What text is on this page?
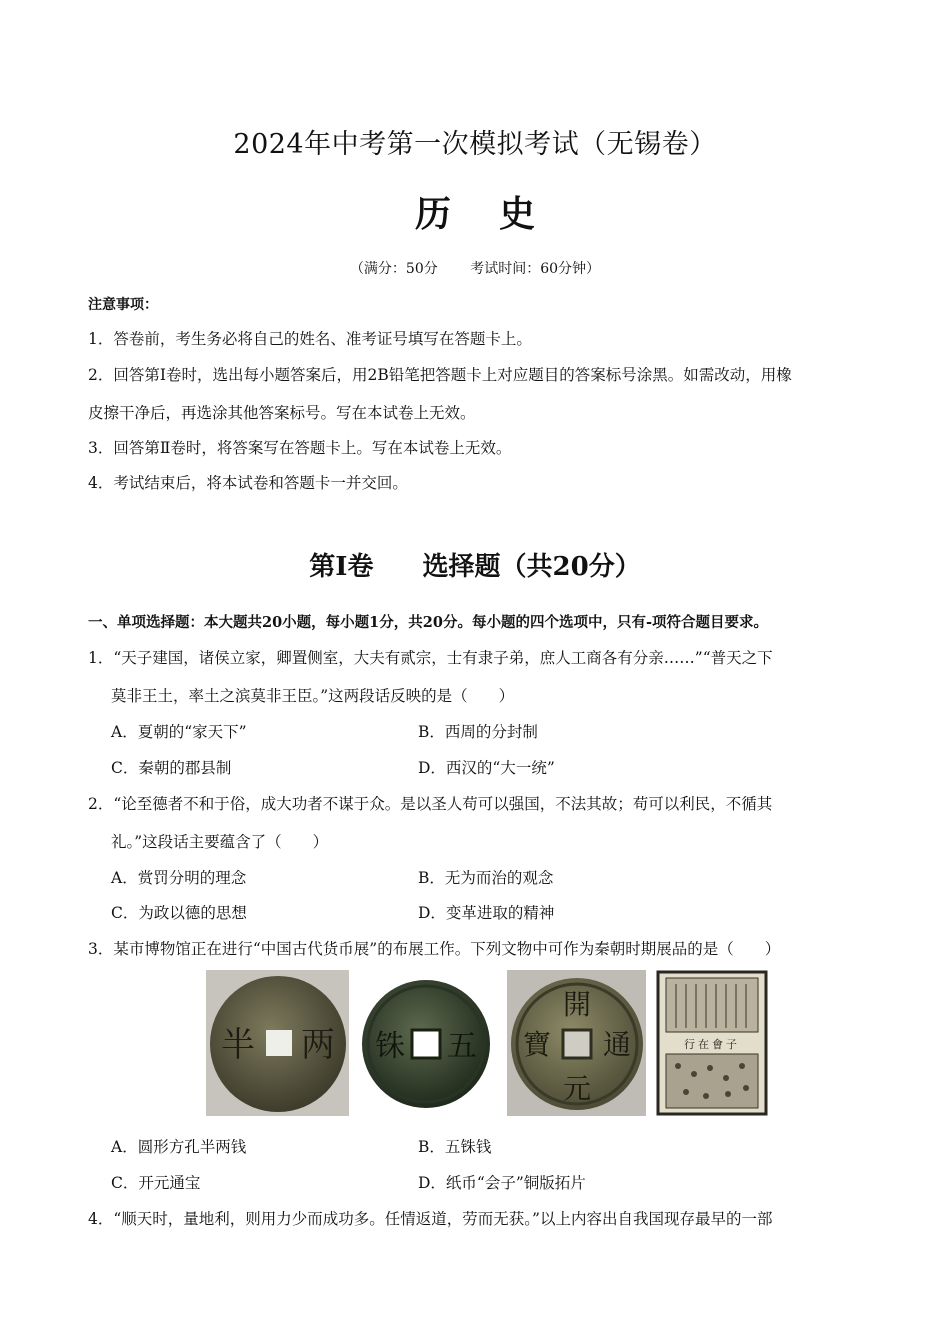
2024年中考第一次模拟考试（无锡卷）
历史
（满分：50分 考试时间：60分钟）
注意事项：
1．答卷前，考生务必将自己的姓名、准考证号填写在答题卡上。
2．回答第Ⅰ卷时，选出每小题答案后，用2B铅笔把答题卡上对应题目的答案标号涂黑。如需改动，用橡
皮擦干净后，再选涂其他答案标号。写在本试卷上无效。
3．回答第Ⅱ卷时，将答案写在答题卡上。写在本试卷上无效。
4．考试结束后，将本试卷和答题卡一并交回。
第I卷 选择题（共20分）
一、单项选择题：本大题共20小题，每小题1分，共20分。每小题的四个选项中，只有-项符合题目要求。
1．“天子建国，诸侯立家，卿置侧室，大夫有贰宗，士有隶子弟，庶人工商各有分亲……”“普天之下
莫非王土，率土之滨莫非王臣。”这两段话反映的是（　　）
A．夏朝的“家天下”	B．西周的分封制
C．秦朝的郡县制	D．西汉的“大一统”
2．“论至德者不和于俗，成大功者不谋于众。是以圣人苟可以强国，不法其故；苟可以利民，不循其
礼。”这段话主要蕴含了（　　）
A．赏罚分明的理念	B．无为而治的观念
C．为政以德的思想	D．变革进取的精神
3．某市博物馆正在进行“中国古代货币展”的布展工作。下列文物中可作为秦朝时期展品的是（　　）
半 两 铢 五
開
通
元
寶	行在會子
A．圆形方孔半两钱	B．五铢钱
C．开元通宝	D．纸币“会子”铜版拓片
4．“顺天时，量地利，则用力少而成功多。任情返道，劳而无获。”以上内容出自我国现存最早的一部
